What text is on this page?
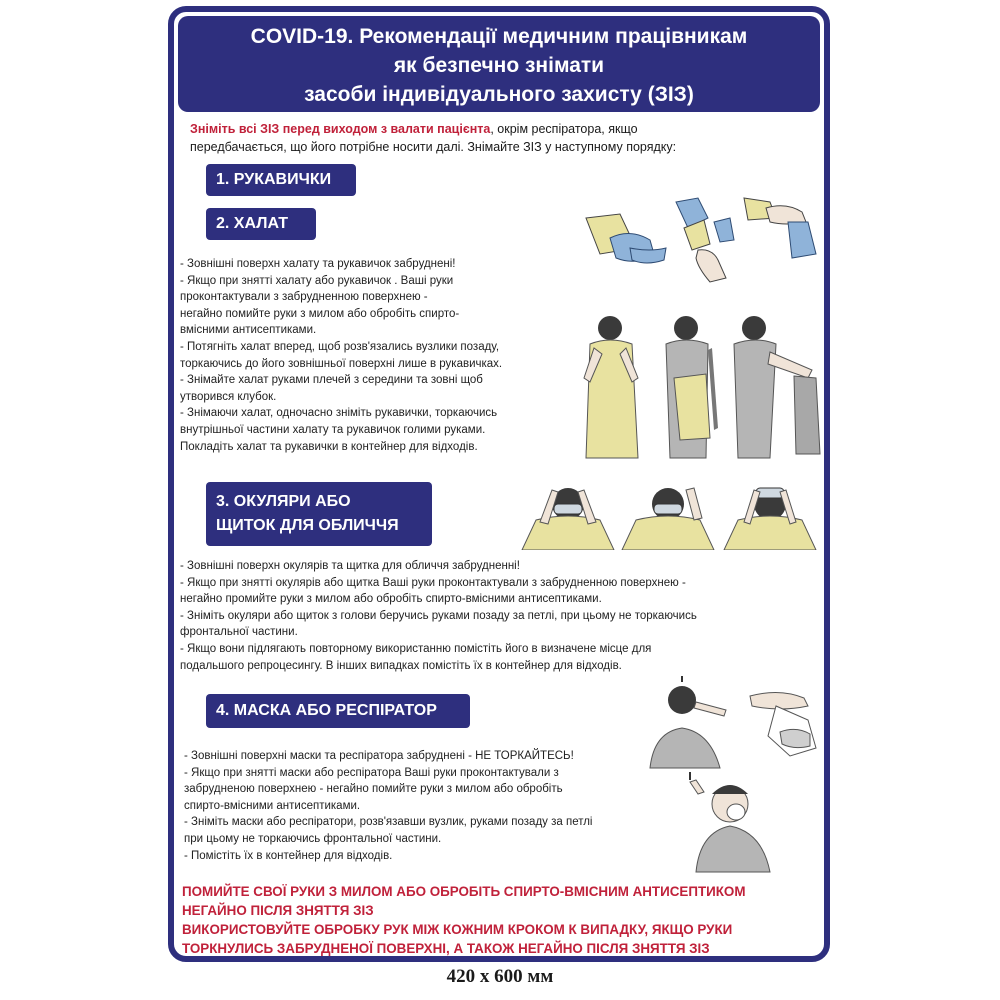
COVID-19. Рекомендації медичним працівникам
як безпечно знімати
засоби індивідуального захисту (ЗІЗ)
Зніміть всі ЗІЗ перед виходом з валати пацієнта, окрім респіратора, якщо
передбачається, що його потрібне носити далі. Знімайте ЗІЗ у наступному порядку:
1. РУКАВИЧКИ
2. ХАЛАТ
- Зовнішні поверхн халату та рукавичок забруднені!
- Якщо при знятті халату або рукавичок . Ваші руки
проконтактували з забрудненною поверхнею -
негайно помийте руки з милом або обробіть спирто-
вмісними антисептиками.
- Потягніть халат вперед, щоб розв'язались вузлики позаду,
торкаючись до його зовнішньої поверхні лише в рукавичках.
- Знімайте халат руками плечей з середини та зовні щоб
утворився клубок.
- Знімаючи халат, одночасно зніміть рукавички, торкаючись
внутрішньої частини халату та рукавичок голими руками.
Покладіть халат та рукавички в контейнер для відходів.
3. ОКУЛЯРИ АБО
ЩИТОК ДЛЯ ОБЛИЧЧЯ
- Зовнішні поверхн окулярів та щитка для обличчя забрудненні!
- Якщо при знятті окулярів або щитка Ваші руки проконтактували з забрудненною поверхнею -
негайно промийте руки з милом або обробіть спирто-вмісними антисептиками.
- Зніміть окуляри або щиток з голови беручись руками позаду за петлі, при цьому не торкаючись
фронтальної частини.
- Якщо вони підлягають повторному використанню помістіть його в визначене місце для
подальшого репроцесингу. В інших випадках помістіть їх в контейнер для відходів.
4. МАСКА АБО РЕСПІРАТОР
- Зовнішні поверхні маски та респіратора забруднені - НЕ ТОРКАЙТЕСЬ!
- Якщо при знятті маски або респіратора Ваші руки проконтактували з
забрудненою поверхнею - негайно помийте руки з милом або обробіть
спирто-вмісними антисептиками.
- Зніміть маски або респіратори, розв'язавши вузлик, руками позаду за петлі
при цьому не торкаючись фронтальної частини.
- Помістіть їх в контейнер для відходів.
ПОМИЙТЕ СВОЇ РУКИ З МИЛОМ АБО ОБРОБІТЬ СПИРТО-ВМІСНИМ АНТИСЕПТИКОМ
НЕГАЙНО ПІСЛЯ ЗНЯТТЯ ЗІЗ
ВИКОРИСТОВУЙТЕ ОБРОБКУ РУК МІЖ КОЖНИМ КРОКОМ К ВИПАДКУ, ЯКЩО РУКИ
ТОРКНУЛИСЬ ЗАБРУДНЕНОЇ ПОВЕРХНІ, А ТАКОЖ НЕГАЙНО ПІСЛЯ ЗНЯТТЯ ЗІЗ
420 х 600 мм
